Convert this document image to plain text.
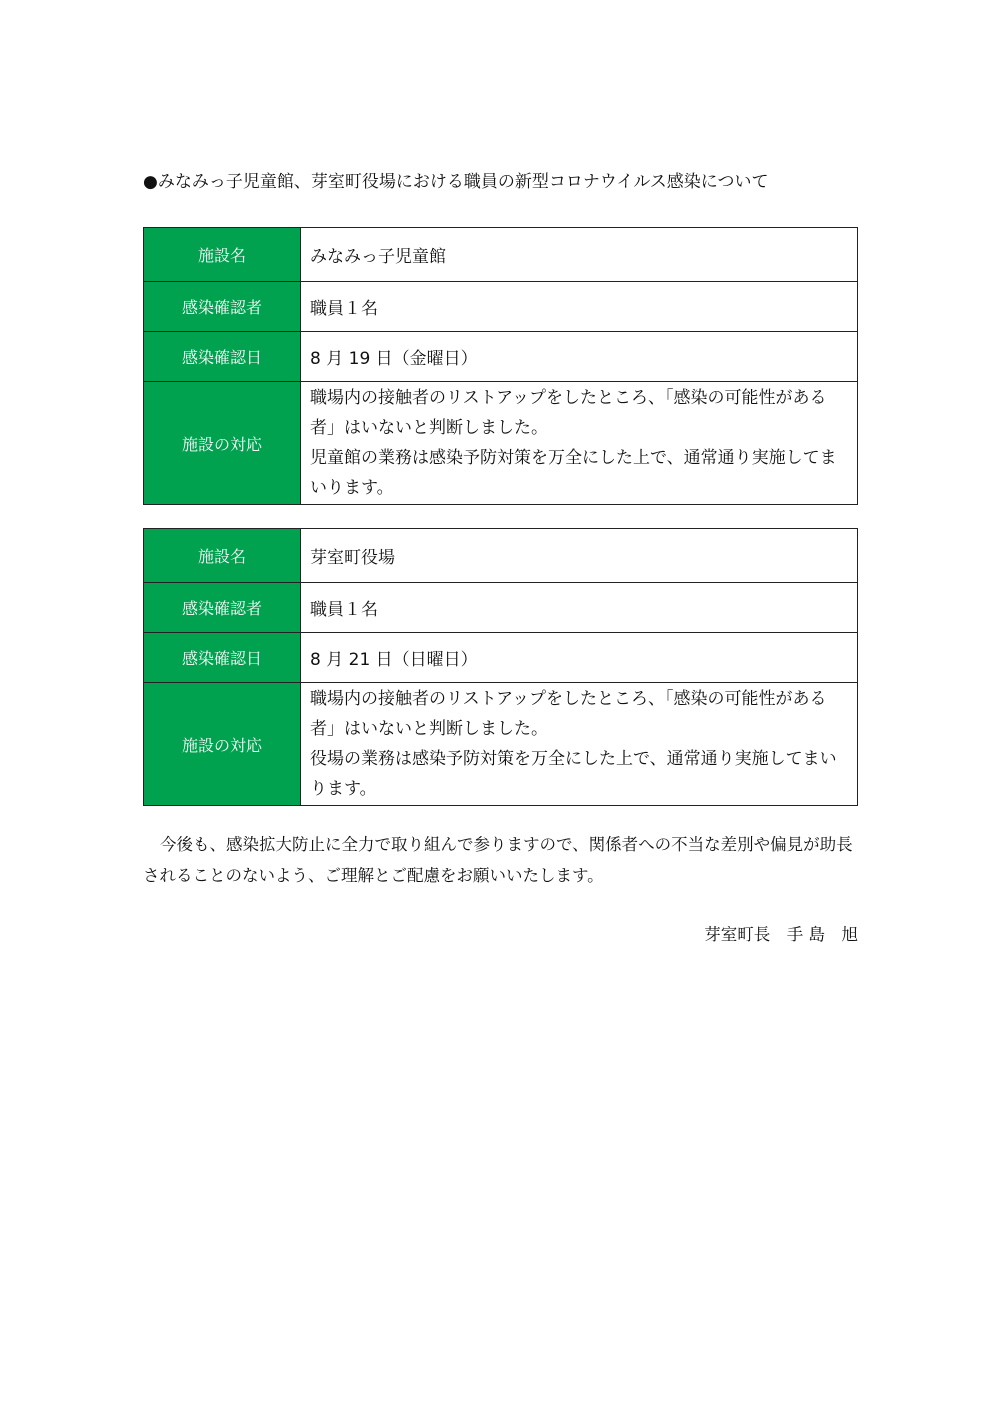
●みなみっ子児童館、芽室町役場における職員の新型コロナウイルス感染について
施設名	みなみっ子児童館
感染確認者	職員１名
感染確認日	8 月 19 日（金曜日）
施設の対応	職場内の接触者のリストアップをしたところ、「感染の可能性がある者」はいないと判断しました。
児童館の業務は感染予防対策を万全にした上で、通常通り実施してまいります。
施設名	芽室町役場
感染確認者	職員１名
感染確認日	8 月 21 日（日曜日）
施設の対応	職場内の接触者のリストアップをしたところ、「感染の可能性がある者」はいないと判断しました。
役場の業務は感染予防対策を万全にした上で、通常通り実施してまいります。
今後も、感染拡大防止に全力で取り組んで参りますので、関係者への不当な差別や偏見が助長されることのないよう、ご理解とご配慮をお願いいたします。
芽室町長　手 島　旭
